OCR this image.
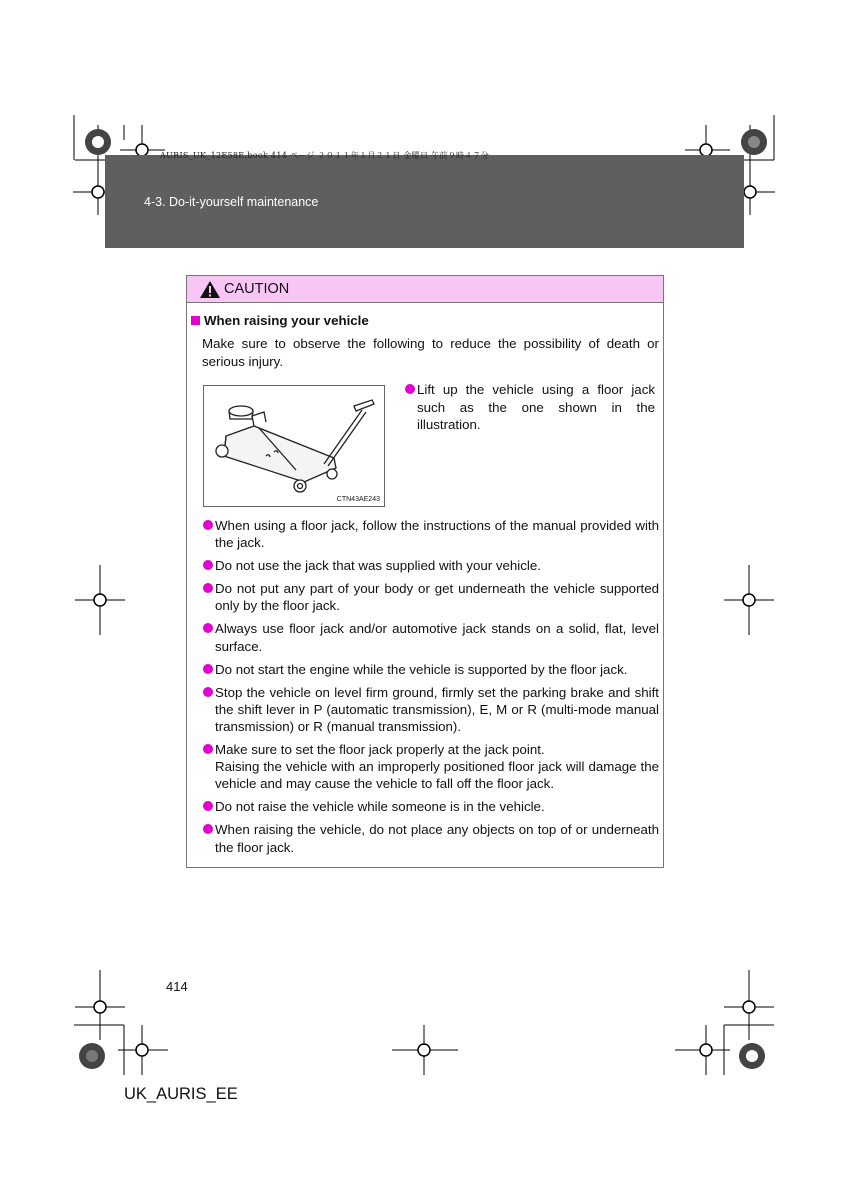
AURIS_UK_12E58E.book 414 ページ ２０１１年１月２１日 金曜日 午前９時４７分
4-3. Do-it-yourself maintenance
CAUTION
When raising your vehicle
Make sure to observe the following to reduce the possibility of death or serious injury.
CTN43AE243
Lift up the vehicle using a floor jack such as the one shown in the illustration.
When using a floor jack, follow the instructions of the manual provided with the jack.
Do not use the jack that was supplied with your vehicle.
Do not put any part of your body or get underneath the vehicle supported only by the floor jack.
Always use floor jack and/or automotive jack stands on a solid, flat, level surface.
Do not start the engine while the vehicle is supported by the floor jack.
Stop the vehicle on level firm ground, firmly set the parking brake and shift the shift lever in P (automatic transmission), E, M or R (multi-mode manual transmission) or R (manual transmission).
Make sure to set the floor jack properly at the jack point.
Raising the vehicle with an improperly positioned floor jack will damage the vehicle and may cause the vehicle to fall off the floor jack.
Do not raise the vehicle while someone is in the vehicle.
When raising the vehicle, do not place any objects on top of or underneath the floor jack.
414
UK_AURIS_EE
